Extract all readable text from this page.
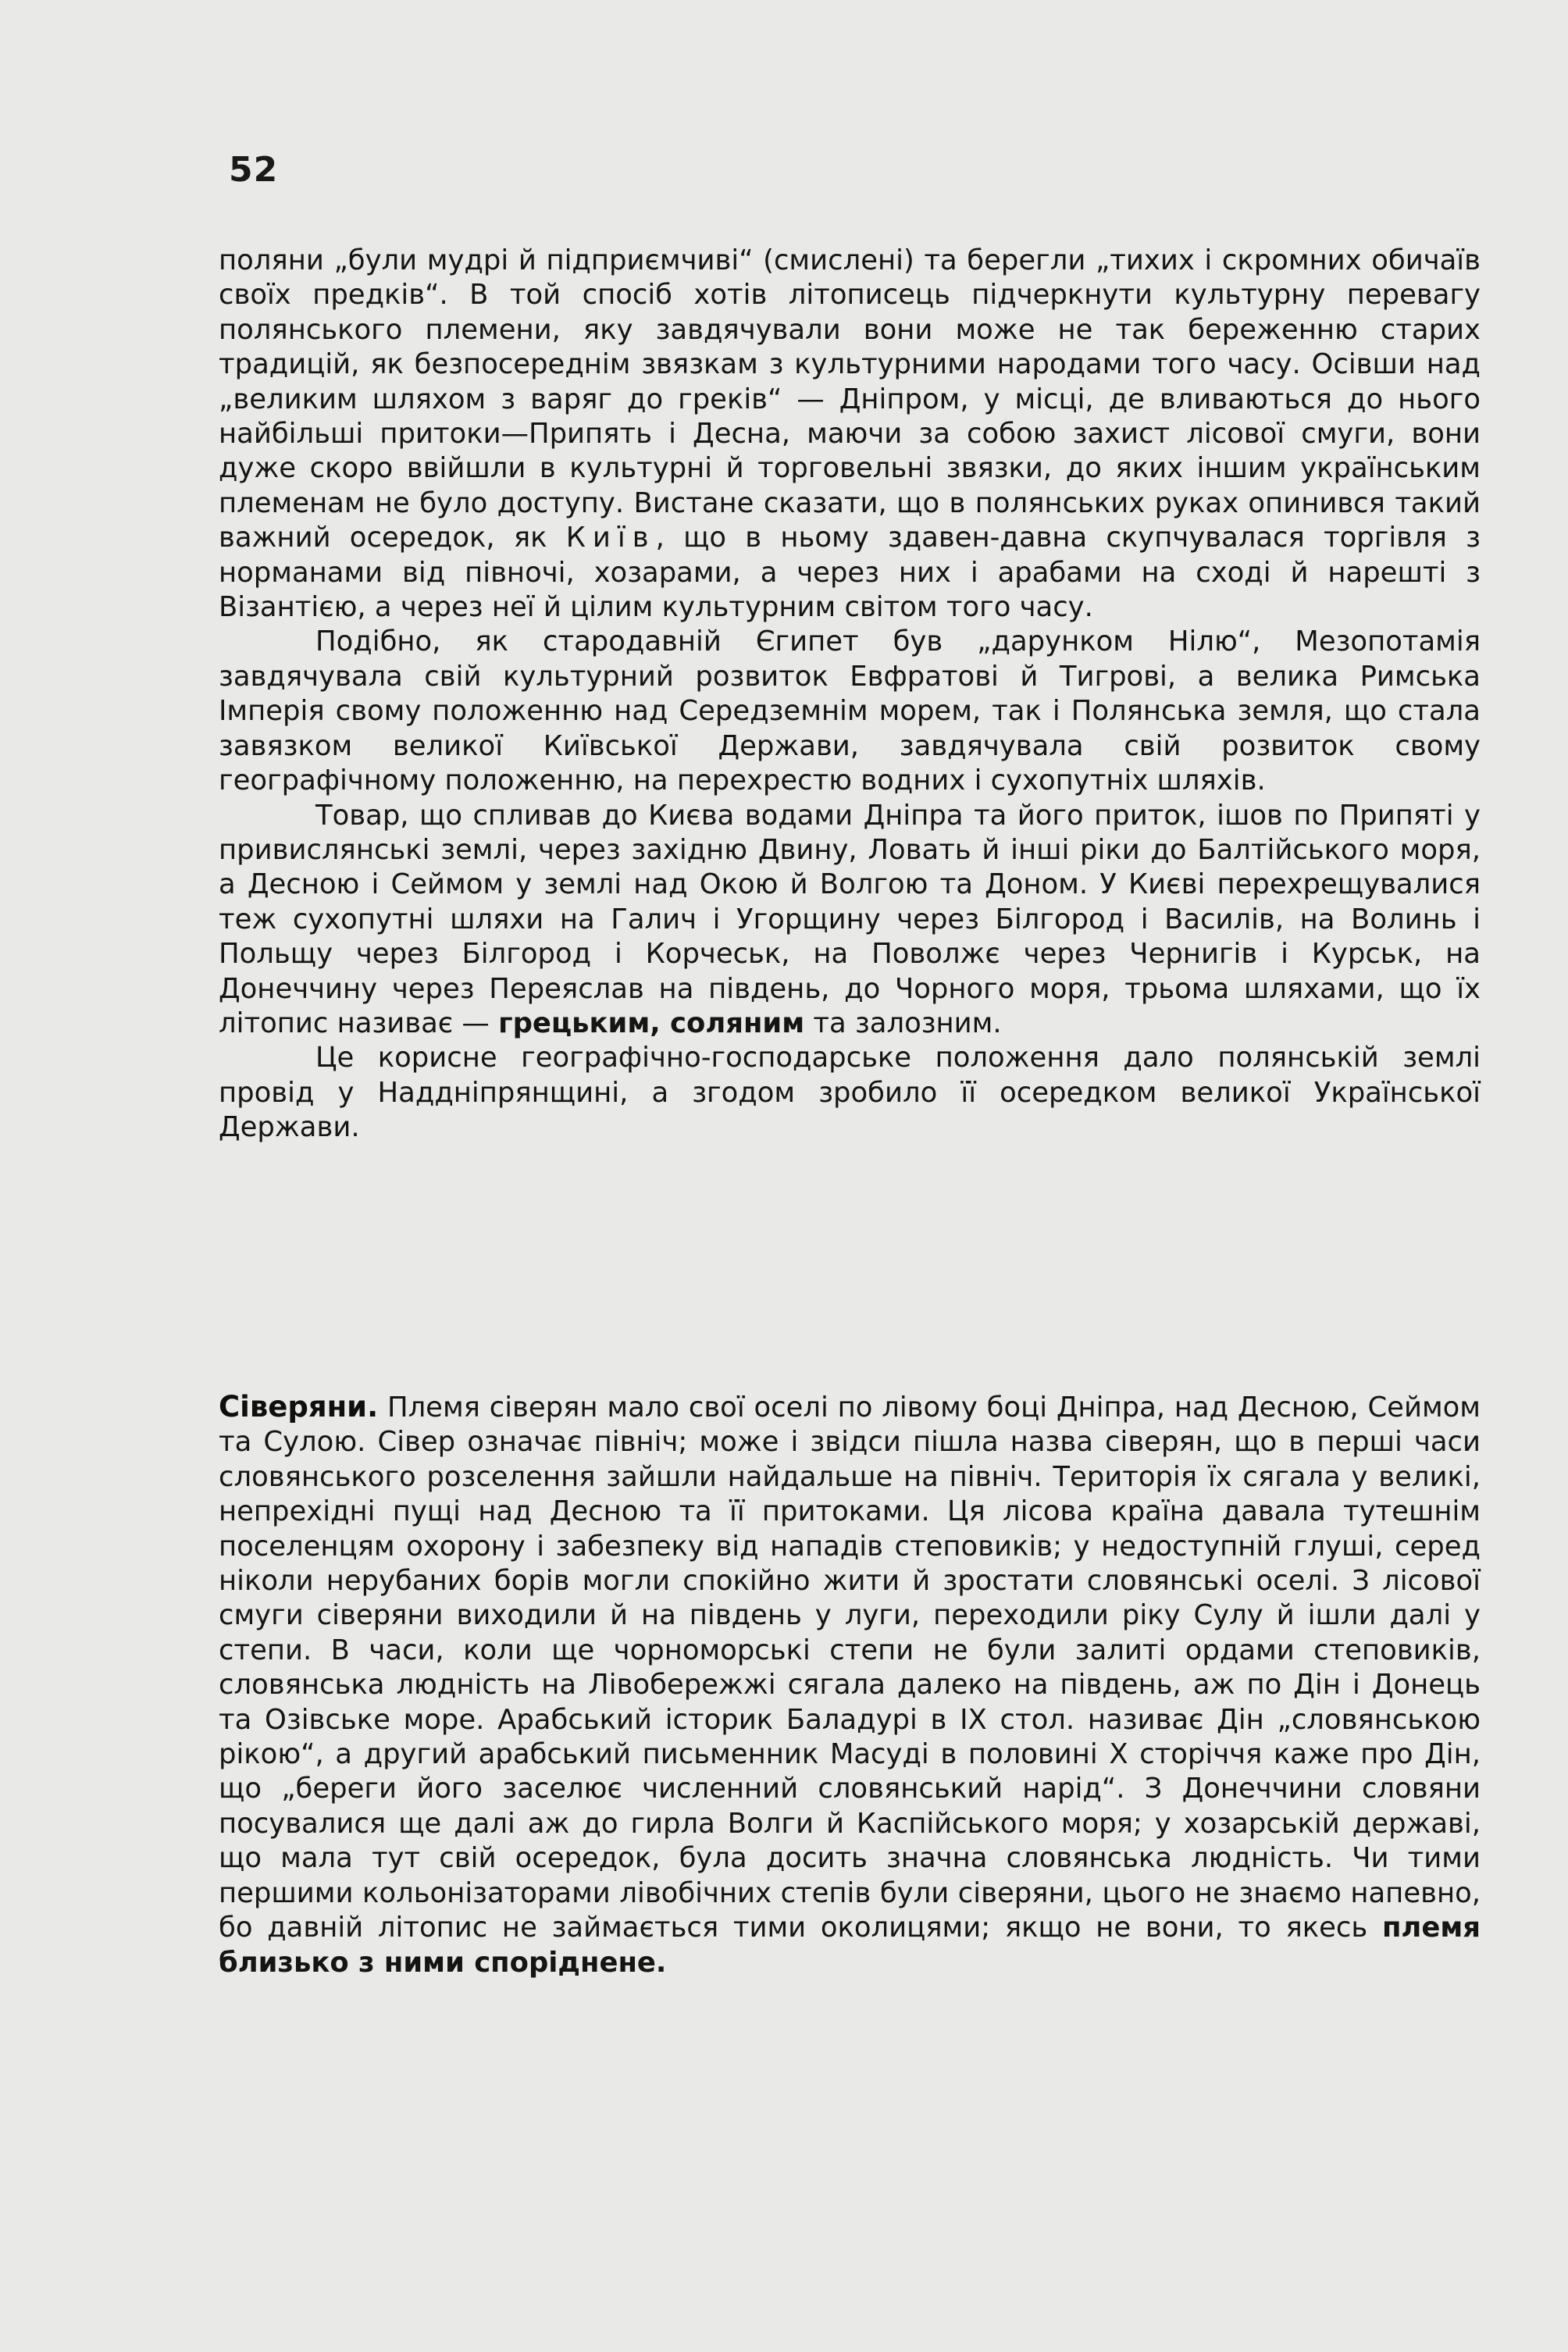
52

поляни „були мудрі й підприємчиві“ (смислені) та берегли „тихих і скромних обичаїв своїх предків“. В той спосіб хотів літописець підчеркнути культурну перевагу полянського племени, яку завдячували вони може не так береженню старих традицій, як безпосереднім звязкам з культурними народами того часу. Осівши над „великим шляхом з варяг до греків“ — Дніпром, у місці, де вливаються до нього найбільші притоки—Припять і Десна, маючи за собою захист лісової смуги, вони дуже скоро ввійшли в культурні й торговельні звязки, до яких іншим українським племенам не було доступу. Вистане сказати, що в полянських руках опинився такий важний осередок, як Київ, що в ньому здавен-давна скупчувалася торгівля з норманами від півночі, хозарами, а через них і арабами на сході й нарешті з Візантією, а через неї й цілим культурним світом того часу.

Подібно, як стародавній Єгипет був „дарунком Нілю“, Мезопотамія завдячувала свій культурний розвиток Евфратові й Тигрові, а велика Римська Імперія свому положенню над Середземнім морем, так і Полянська земля, що стала завязком великої Київської Держави, завдячувала свій розвиток свому географічному положенню, на перехрестю водних і сухопутніх шляхів.

Товар, що спливав до Києва водами Дніпра та його приток, ішов по Припяті у привислянські землі, через західню Двину, Ловать й інші ріки до Балтійського моря, а Десною і Сеймом у землі над Окою й Волгою та Доном. У Києві перехрещувалися теж сухопутні шляхи на Галич і Угорщину через Білгород і Василів, на Волинь і Польщу через Білгород і Корчеськ, на Поволжє через Чернигів і Курськ, на Донеччину через Переяслав на південь, до Чорного моря, трьома шляхами, що їх літопис називає — грецьким, соляним та залозним.

Це корисне географічно-господарське положення дало полянській землі провід у Наддніпрянщині, а згодом зробило її осередком великої Української Держави.

Сіверяни. Племя сіверян мало свої оселі по лівому боці Дніпра, над Десною, Сеймом та Сулою. Сівер означає північ; може і звідси пішла назва сіверян, що в перші часи словянського розселення зайшли найдальше на північ. Територія їх сягала у великі, непрехідні пущі над Десною та її притоками. Ця лісова країна давала тутешнім поселенцям охорону і забезпеку від нападів степовиків; у недоступній глуші, серед ніколи нерубаних борів могли спокійно жити й зростати словянські оселі. З лісової смуги сіверяни виходили й на південь у луги, переходили ріку Сулу й ішли далі у степи. В часи, коли ще чорноморські степи не були залиті ордами степовиків, словянська людність на Лівобережжі сягала далеко на південь, аж по Дін і Донець та Озівське море. Арабський історик Баладурі в IX стол. називає Дін „словянською рікою“, а другий арабський письменник Масуді в половині X сторіччя каже про Дін, що „береги його заселює численний словянський нарід“. З Донеччини словяни посувалися ще далі аж до гирла Волги й Каспійського моря; у хозарській державі, що мала тут свій осередок, була досить значна словянська людність. Чи тими першими кольонізаторами лівобічних степів були сіверяни, цього не знаємо напевно, бо давній літопис не займається тими околицями; якщо не вони, то якесь племя близько з ними споріднене.
